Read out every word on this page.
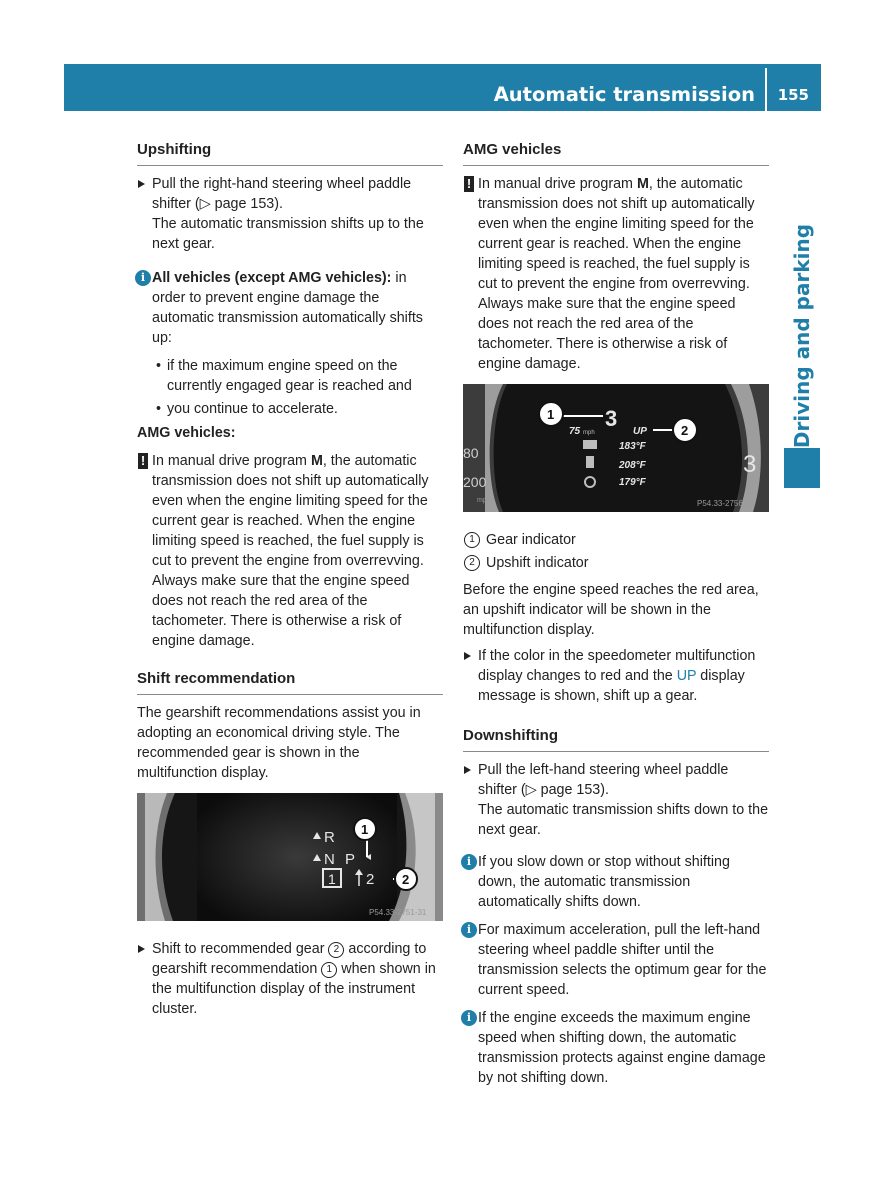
Automatic transmission 155
Driving and parking
Upshifting
Pull the right-hand steering wheel paddle shifter (▷ page 153).
The automatic transmission shifts up to the next gear.
i All vehicles (except AMG vehicles): in order to prevent engine damage the automatic transmission automatically shifts up:
• if the maximum engine speed on the currently engaged gear is reached and
• you continue to accelerate.
AMG vehicles:
! In manual drive program M, the automatic transmission does not shift up automatically even when the engine limiting speed for the current gear is reached. When the engine limiting speed is reached, the fuel supply is cut to prevent the engine from overrevving. Always make sure that the engine speed does not reach the red area of the tachometer. There is otherwise a risk of engine damage.
Shift recommendation
The gearshift recommendations assist you in adopting an economical driving style. The recommended gear is shown in the multifunction display.
R
N P
1 2
1
2
P54.33-2751-31
Shift to recommended gear 2 according to gearshift recommendation 1 when shown in the multifunction display of the instrument cluster.
AMG vehicles
! In manual drive program M, the automatic transmission does not shift up automatically even when the engine limiting speed for the current gear is reached. When the engine limiting speed is reached, the fuel supply is cut to prevent the engine from overrevving. Always make sure that the engine speed does not reach the red area of the tachometer. There is otherwise a risk of engine damage.
80
200
mph
3
3
75 mph	UP
1
2
183°F
208°F
179°F
P54.33-2756-31
1 Gear indicator
2 Upshift indicator
Before the engine speed reaches the red area, an upshift indicator will be shown in the multifunction display.
If the color in the speedometer multifunction display changes to red and the UP display message is shown, shift up a gear.
Downshifting
Pull the left-hand steering wheel paddle shifter (▷ page 153).
The automatic transmission shifts down to the next gear.
i If you slow down or stop without shifting down, the automatic transmission automatically shifts down.
i For maximum acceleration, pull the left-hand steering wheel paddle shifter until the transmission selects the optimum gear for the current speed.
i If the engine exceeds the maximum engine speed when shifting down, the automatic transmission protects against engine damage by not shifting down.
